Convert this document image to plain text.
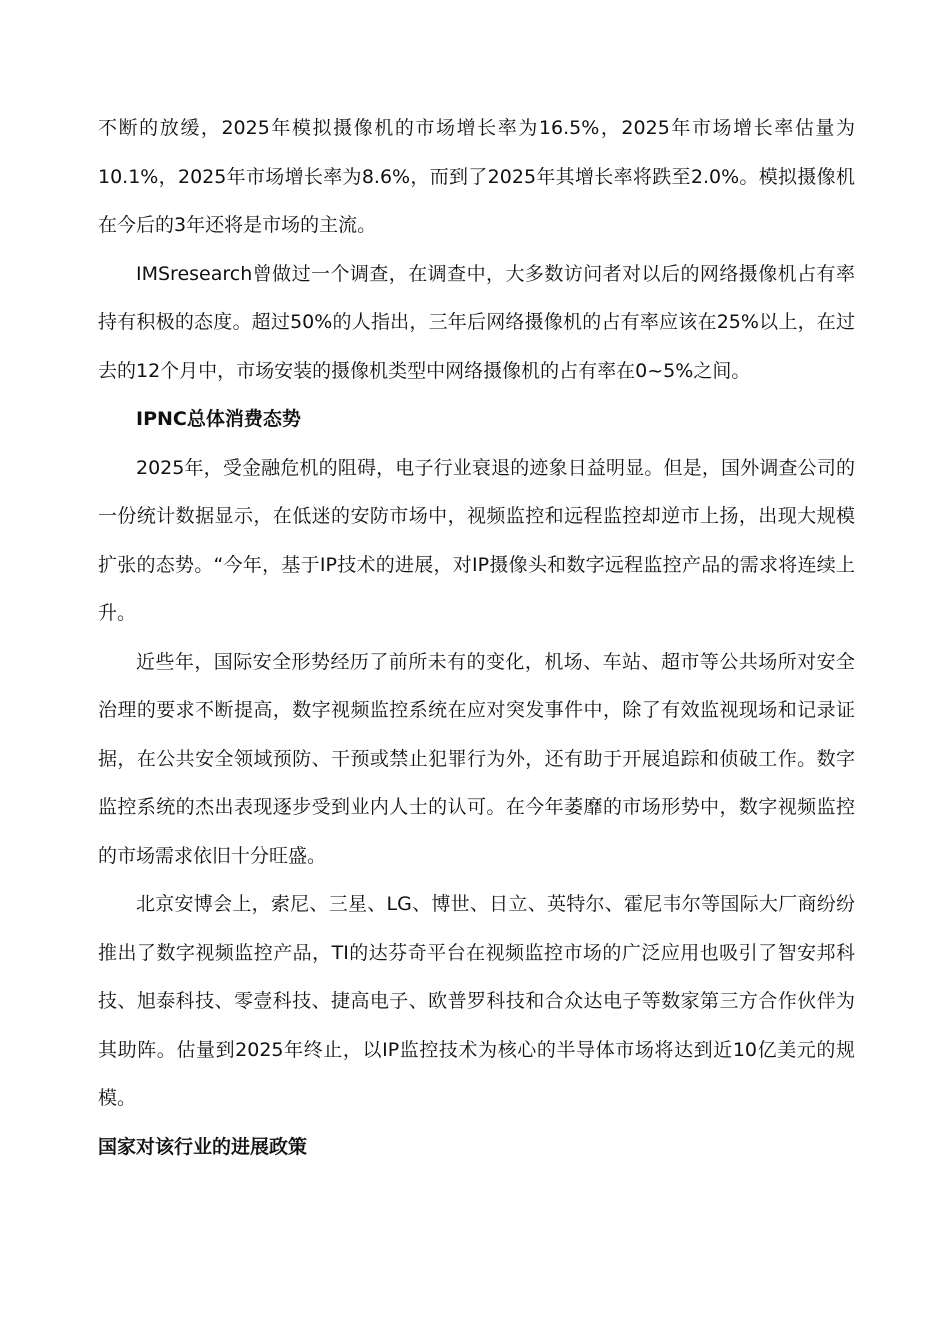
不断的放缓，2025年模拟摄像机的市场增长率为16.5%，2025年市场增长率估量为10.1%，2025年市场增长率为8.6%，而到了2025年其增长率将跌至2.0%。模拟摄像机在今后的3年还将是市场的主流。

IMSresearch曾做过一个调查，在调查中，大多数访问者对以后的网络摄像机占有率持有积极的态度。超过50%的人指出，三年后网络摄像机的占有率应该在25%以上，在过去的12个月中，市场安装的摄像机类型中网络摄像机的占有率在0~5%之间。

IPNC总体消费态势

2025年，受金融危机的阻碍，电子行业衰退的迹象日益明显。但是，国外调查公司的一份统计数据显示，在低迷的安防市场中，视频监控和远程监控却逆市上扬，出现大规模扩张的态势。“今年，基于IP技术的进展，对IP摄像头和数字远程监控产品的需求将连续上升。

近些年，国际安全形势经历了前所未有的变化，机场、车站、超市等公共场所对安全治理的要求不断提高，数字视频监控系统在应对突发事件中，除了有效监视现场和记录证据，在公共安全领域预防、干预或禁止犯罪行为外，还有助于开展追踪和侦破工作。数字监控系统的杰出表现逐步受到业内人士的认可。在今年萎靡的市场形势中，数字视频监控的市场需求依旧十分旺盛。

北京安博会上，索尼、三星、LG、博世、日立、英特尔、霍尼韦尔等国际大厂商纷纷推出了数字视频监控产品，TI的达芬奇平台在视频监控市场的广泛应用也吸引了智安邦科技、旭泰科技、零壹科技、捷高电子、欧普罗科技和合众达电子等数家第三方合作伙伴为其助阵。估量到2025年终止，以IP监控技术为核心的半导体市场将达到近10亿美元的规模。

国家对该行业的进展政策
